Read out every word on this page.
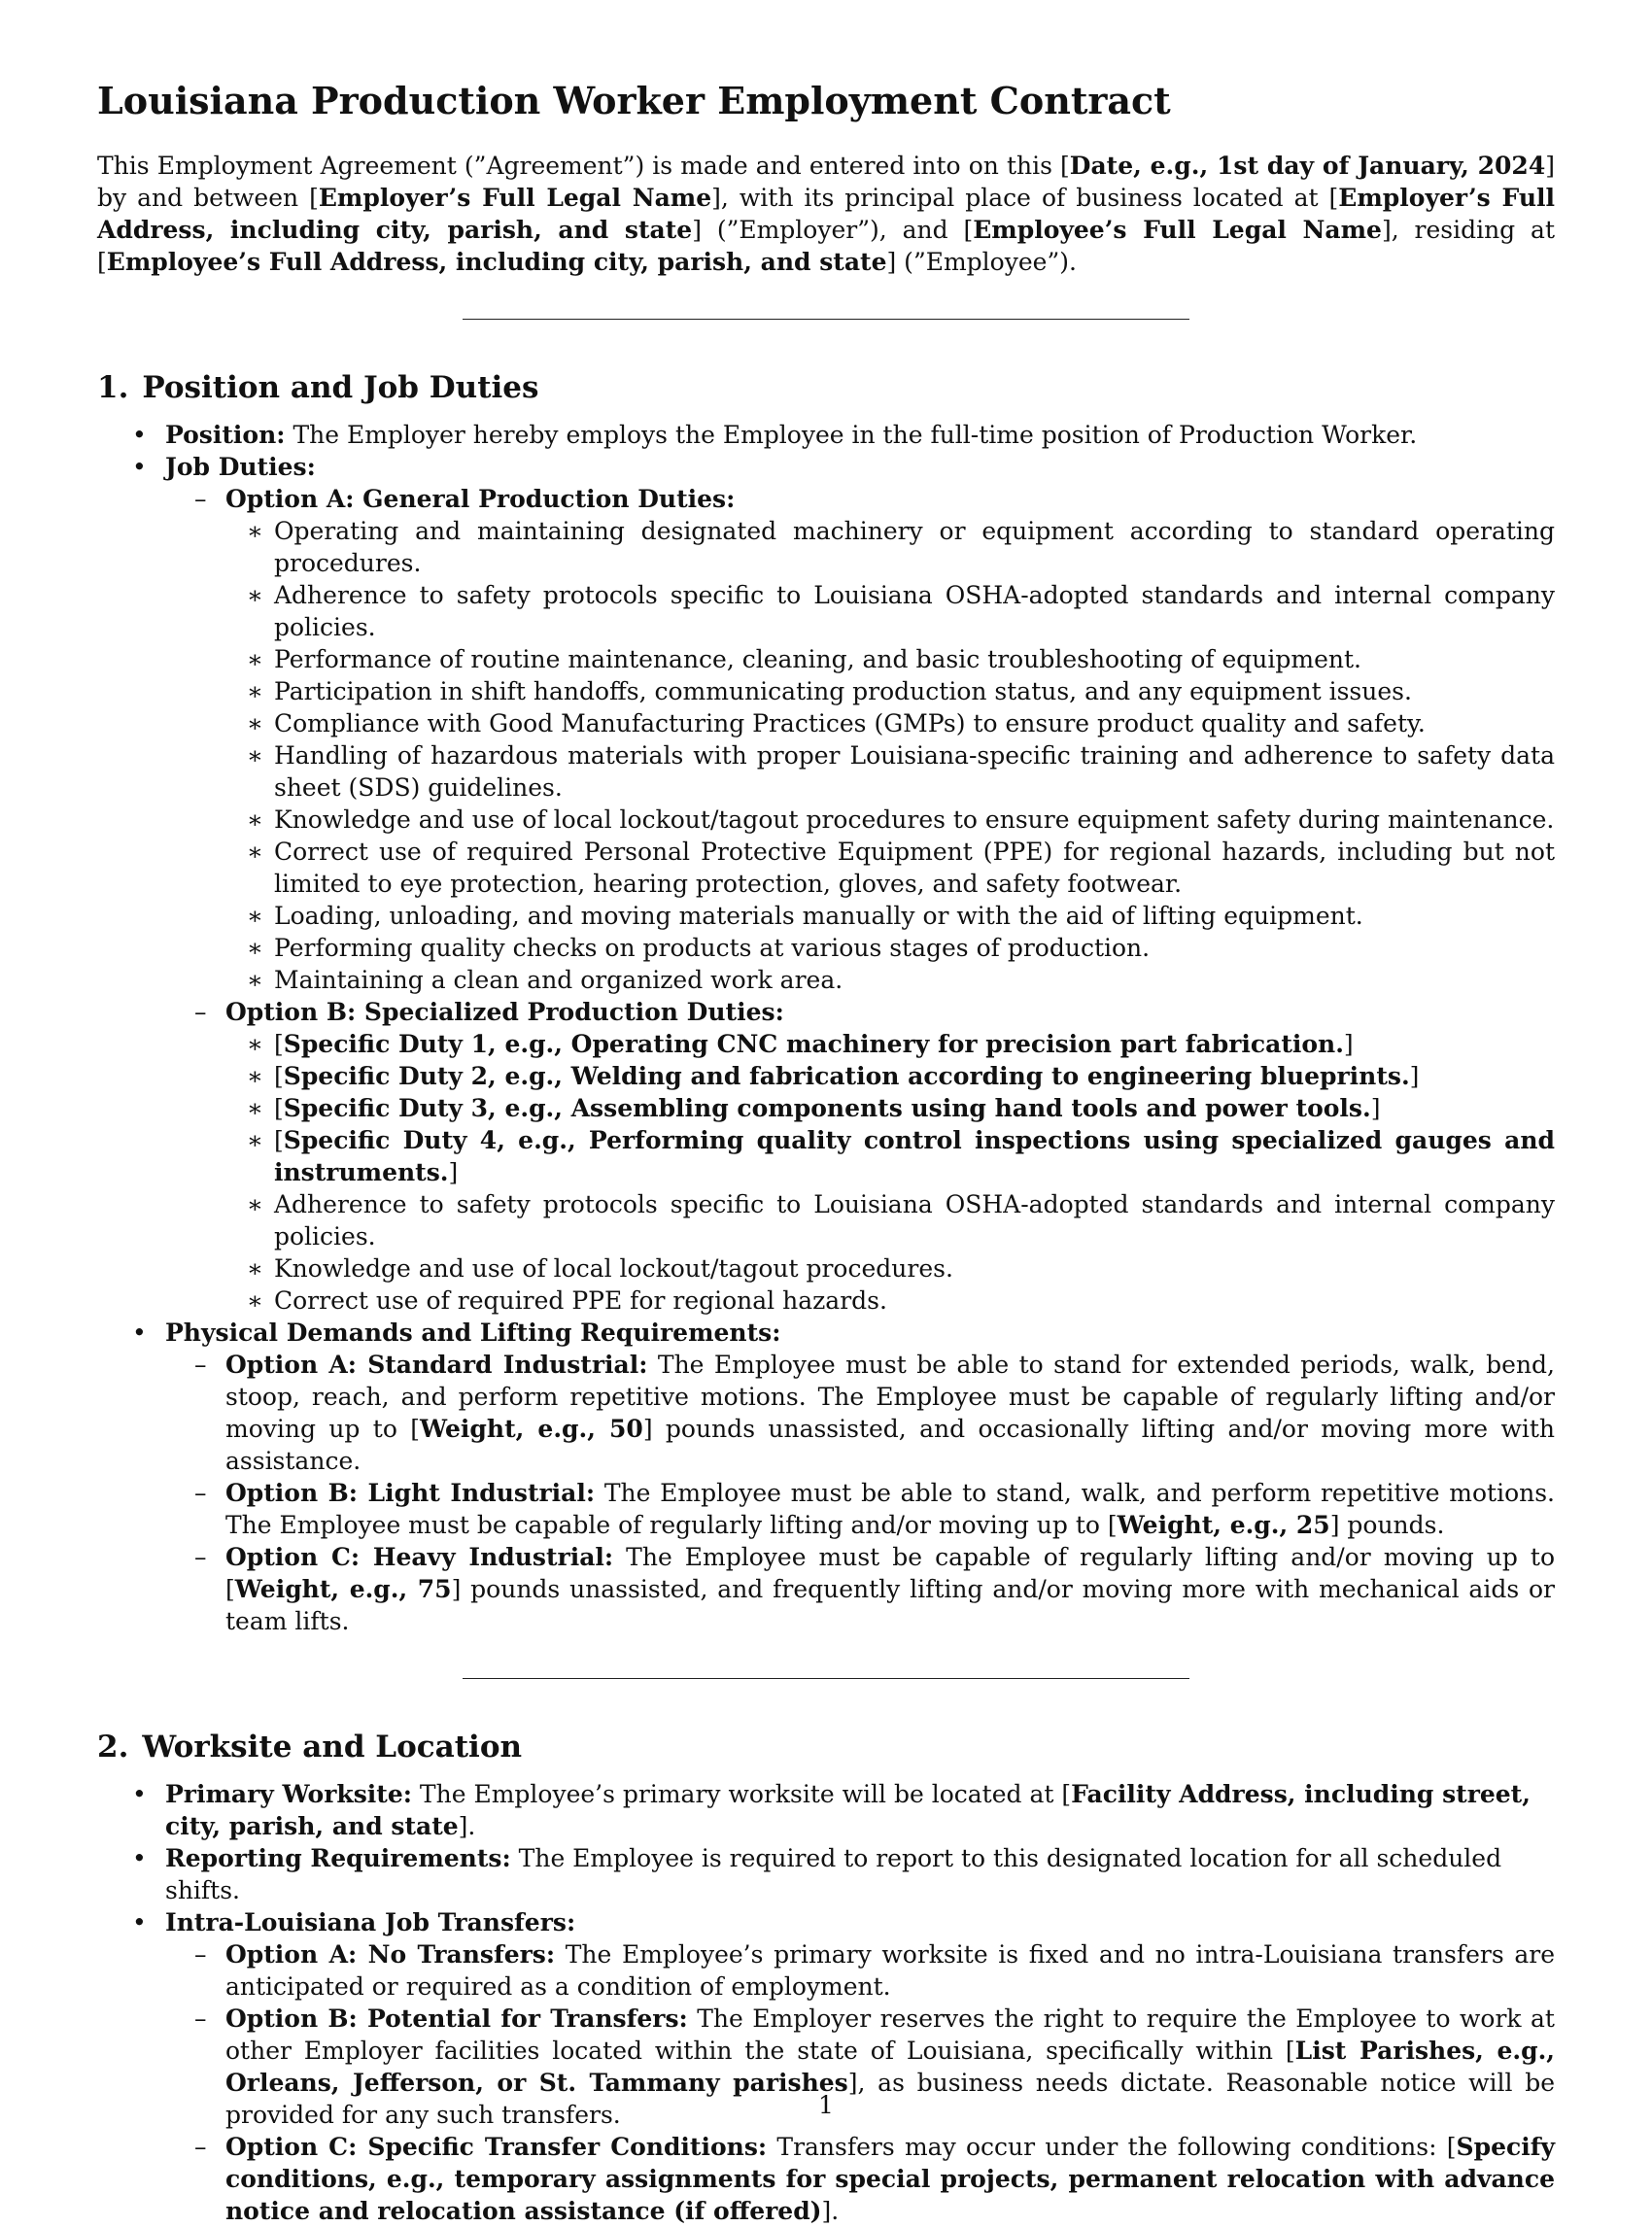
Louisiana Production Worker Employment Contract

This Employment Agreement (”Agreement”) is made and entered into on this [Date, e.g., 1st day of January, 2024] by and between [Employer’s Full Legal Name], with its principal place of business located at [Employer’s Full Address, including city, parish, and state] (”Employer”), and [Employee’s Full Legal Name], residing at [Employee’s Full Address, including city, parish, and state] (”Employee”).

1. Position and Job Duties
• Position: The Employer hereby employs the Employee in the full-time position of Production Worker.
• Job Duties:
– Option A: General Production Duties:
∗ Operating and maintaining designated machinery or equipment according to standard operating procedures.
∗ Adherence to safety protocols specific to Louisiana OSHA-adopted standards and internal company policies.
∗ Performance of routine maintenance, cleaning, and basic troubleshooting of equipment.
∗ Participation in shift handoffs, communicating production status, and any equipment issues.
∗ Compliance with Good Manufacturing Practices (GMPs) to ensure product quality and safety.
∗ Handling of hazardous materials with proper Louisiana-specific training and adherence to safety data sheet (SDS) guidelines.
∗ Knowledge and use of local lockout/tagout procedures to ensure equipment safety during maintenance.
∗ Correct use of required Personal Protective Equipment (PPE) for regional hazards, including but not limited to eye protection, hearing protection, gloves, and safety footwear.
∗ Loading, unloading, and moving materials manually or with the aid of lifting equipment.
∗ Performing quality checks on products at various stages of production.
∗ Maintaining a clean and organized work area.
– Option B: Specialized Production Duties:
∗ [Specific Duty 1, e.g., Operating CNC machinery for precision part fabrication.]
∗ [Specific Duty 2, e.g., Welding and fabrication according to engineering blueprints.]
∗ [Specific Duty 3, e.g., Assembling components using hand tools and power tools.]
∗ [Specific Duty 4, e.g., Performing quality control inspections using specialized gauges and instruments.]
∗ Adherence to safety protocols specific to Louisiana OSHA-adopted standards and internal company policies.
∗ Knowledge and use of local lockout/tagout procedures.
∗ Correct use of required PPE for regional hazards.
• Physical Demands and Lifting Requirements:
– Option A: Standard Industrial: The Employee must be able to stand for extended periods, walk, bend, stoop, reach, and perform repetitive motions. The Employee must be capable of regularly lifting and/or moving up to [Weight, e.g., 50] pounds unassisted, and occasionally lifting and/or moving more with assistance.
– Option B: Light Industrial: The Employee must be able to stand, walk, and perform repetitive motions. The Employee must be capable of regularly lifting and/or moving up to [Weight, e.g., 25] pounds.
– Option C: Heavy Industrial: The Employee must be capable of regularly lifting and/or moving up to [Weight, e.g., 75] pounds unassisted, and frequently lifting and/or moving more with mechanical aids or team lifts.
2. Worksite and Location
• Primary Worksite: The Employee’s primary worksite will be located at [Facility Address, including street, city, parish, and state].
• Reporting Requirements: The Employee is required to report to this designated location for all scheduled shifts.
• Intra-Louisiana Job Transfers:
– Option A: No Transfers: The Employee’s primary worksite is fixed and no intra-Louisiana transfers are anticipated or required as a condition of employment.
– Option B: Potential for Transfers: The Employer reserves the right to require the Employee to work at other Employer facilities located within the state of Louisiana, specifically within [List Parishes, e.g., Orleans, Jefferson, or St. Tammany parishes], as business needs dictate. Reasonable notice will be provided for any such transfers.
– Option C: Specific Transfer Conditions: Transfers may occur under the following conditions: [Specify conditions, e.g., temporary assignments for special projects, permanent relocation with advance notice and relocation assistance (if offered)].
1
